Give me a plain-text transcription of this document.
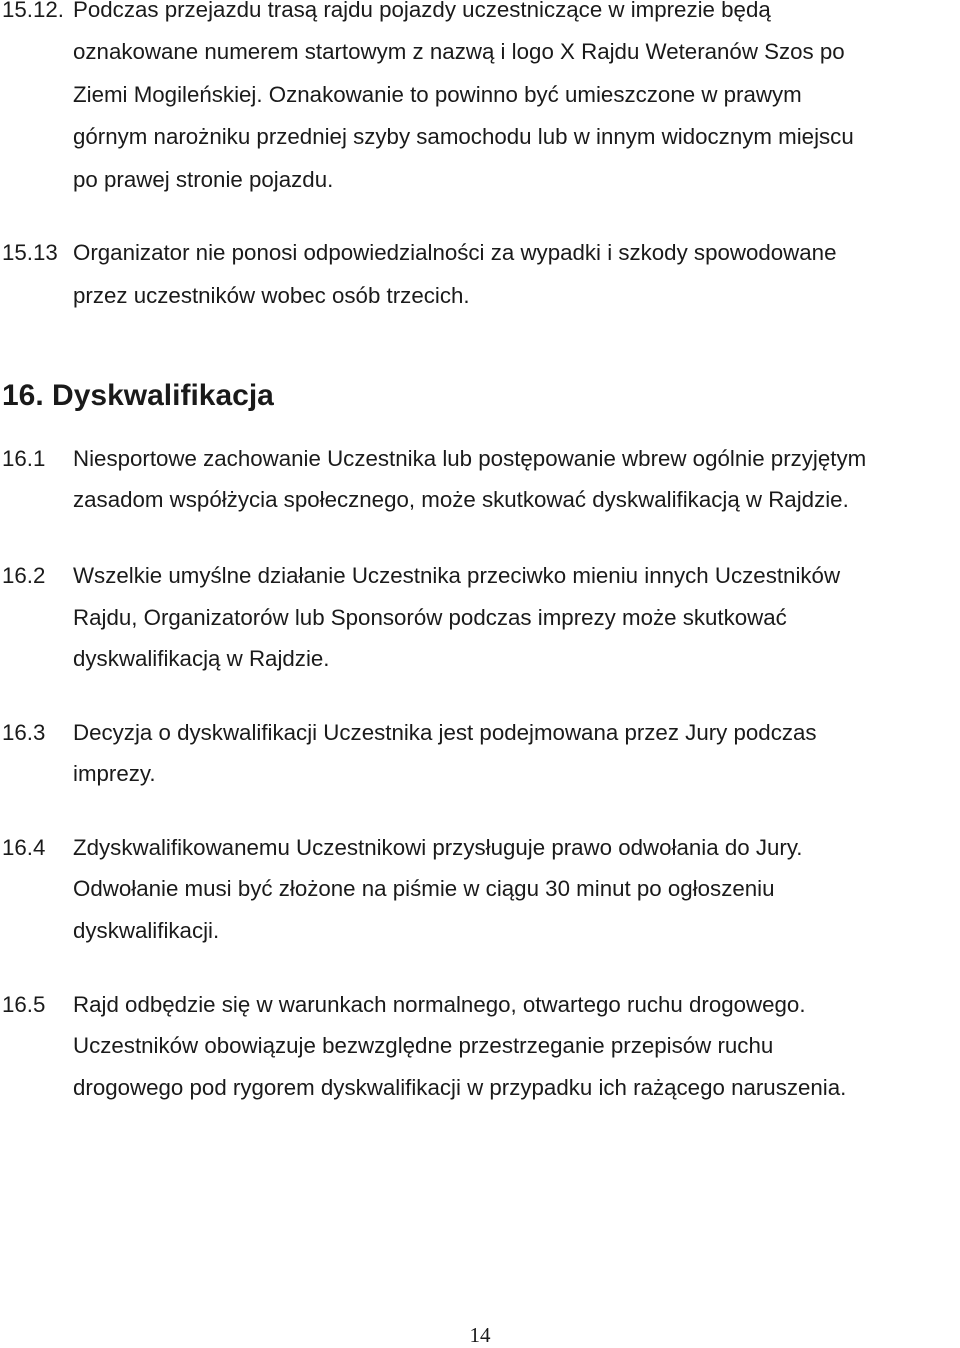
15.12. Podczas przejazdu trasą rajdu pojazdy uczestniczące w imprezie będą
oznakowane numerem startowym z nazwą i logo X Rajdu Weteranów Szos po
Ziemi Mogileńskiej. Oznakowanie to powinno być umieszczone w prawym
górnym narożniku przedniej szyby samochodu lub w innym widocznym miejscu
po prawej stronie pojazdu.
15.13 Organizator nie ponosi odpowiedzialności za wypadki i szkody spowodowane
przez uczestników wobec osób trzecich.
16. Dyskwalifikacja
16.1 Niesportowe zachowanie Uczestnika lub postępowanie wbrew ogólnie przyjętym
zasadom współżycia społecznego, może skutkować dyskwalifikacją w Rajdzie.
16.2 Wszelkie umyślne działanie Uczestnika przeciwko mieniu innych Uczestników
Rajdu, Organizatorów lub Sponsorów podczas imprezy może skutkować
dyskwalifikacją w Rajdzie.
16.3 Decyzja o dyskwalifikacji Uczestnika jest podejmowana przez Jury podczas
imprezy.
16.4 Zdyskwalifikowanemu Uczestnikowi przysługuje prawo odwołania do Jury.
Odwołanie musi być złożone na piśmie w ciągu 30 minut po ogłoszeniu
dyskwalifikacji.
16.5 Rajd odbędzie się w warunkach normalnego, otwartego ruchu drogowego.
Uczestników obowiązuje bezwzględne przestrzeganie przepisów ruchu
drogowego pod rygorem dyskwalifikacji w przypadku ich rażącego naruszenia.
14
